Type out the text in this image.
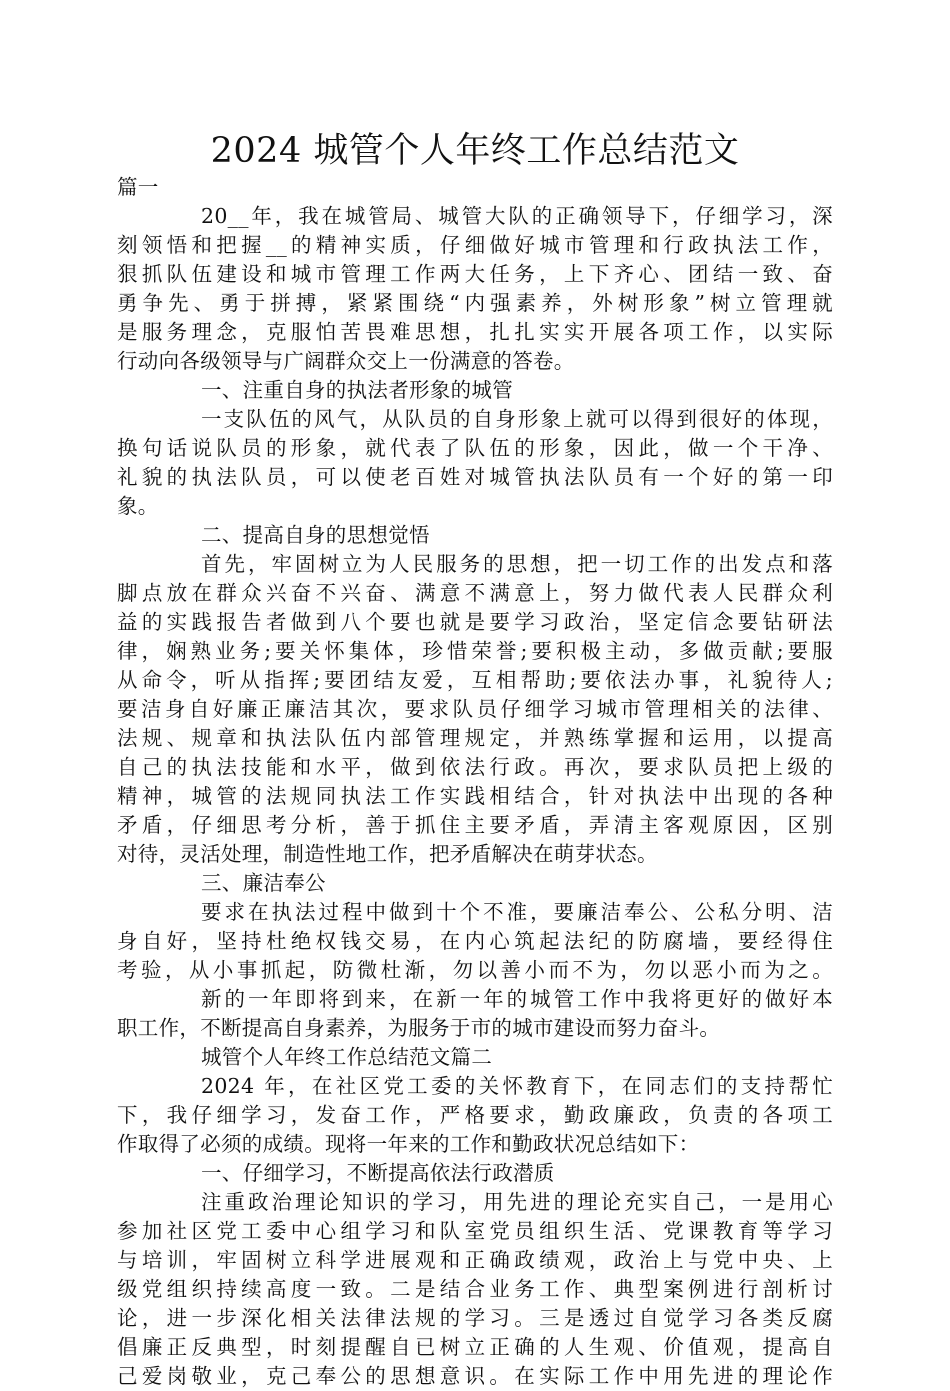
2024 城管个人年终工作总结范文
篇一
20__年，我在城管局、城管大队的正确领导下，仔细学习，深
刻领悟和把握__的精神实质，仔细做好城市管理和行政执法工作，
狠抓队伍建设和城市管理工作两大任务，上下齐心、团结一致、奋
勇争先、勇于拼搏，紧紧围绕“内强素养，外树形象”树立管理就
是服务理念，克服怕苦畏难思想，扎扎实实开展各项工作，以实际
行动向各级领导与广阔群众交上一份满意的答卷。
一、注重自身的执法者形象的城管
一支队伍的风气，从队员的自身形象上就可以得到很好的体现，
换句话说队员的形象，就代表了队伍的形象，因此，做一个干净、
礼貌的执法队员，可以使老百姓对城管执法队员有一个好的第一印
象。
二、提高自身的思想觉悟
首先，牢固树立为人民服务的思想，把一切工作的出发点和落
脚点放在群众兴奋不兴奋、满意不满意上，努力做代表人民群众利
益的实践报告者做到八个要也就是要学习政治，坚定信念要钻研法
律，娴熟业务;要关怀集体，珍惜荣誉;要积极主动，多做贡献;要服
从命令，听从指挥;要团结友爱，互相帮助;要依法办事，礼貌待人;
要洁身自好廉正廉洁其次，要求队员仔细学习城市管理相关的法律、
法规、规章和执法队伍内部管理规定，并熟练掌握和运用，以提高
自己的执法技能和水平，做到依法行政。再次，要求队员把上级的
精神，城管的法规同执法工作实践相结合，针对执法中出现的各种
矛盾，仔细思考分析，善于抓住主要矛盾，弄清主客观原因，区别
对待，灵活处理，制造性地工作，把矛盾解决在萌芽状态。
三、廉洁奉公
要求在执法过程中做到十个不准，要廉洁奉公、公私分明、洁
身自好，坚持杜绝权钱交易，在内心筑起法纪的防腐墙，要经得住
考验，从小事抓起，防微杜渐，勿以善小而不为，勿以恶小而为之。
新的一年即将到来，在新一年的城管工作中我将更好的做好本
职工作，不断提高自身素养，为服务于市的城市建设而努力奋斗。
城管个人年终工作总结范文篇二
2024 年，在社区党工委的关怀教育下，在同志们的支持帮忙
下，我仔细学习，发奋工作，严格要求，勤政廉政，负责的各项工
作取得了必须的成绩。现将一年来的工作和勤政状况总结如下：
一、仔细学习，不断提高依法行政潜质
注重政治理论知识的学习，用先进的理论充实自己，一是用心
参加社区党工委中心组学习和队室党员组织生活、党课教育等学习
与培训，牢固树立科学进展观和正确政绩观，政治上与党中央、上
级党组织持续高度一致。二是结合业务工作、典型案例进行剖析讨
论，进一步深化相关法律法规的学习。三是透过自觉学习各类反腐
倡廉正反典型，时刻提醒自已树立正确的人生观、价值观，提高自
己爱岗敬业，克己奉公的思想意识。在实际工作中用先进的理论作
